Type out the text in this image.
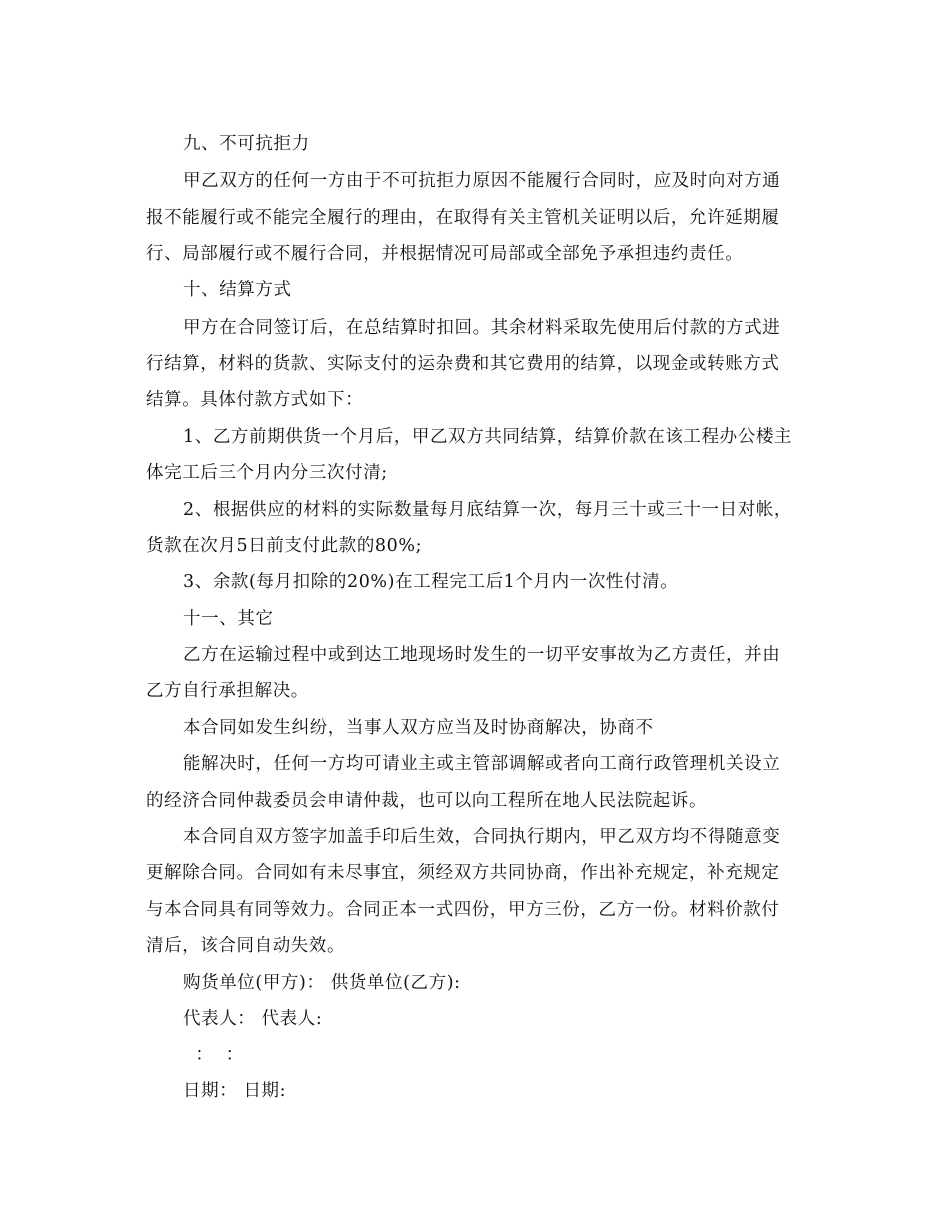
九、不可抗拒力
甲乙双方的任何一方由于不可抗拒力原因不能履行合同时，应及时向对方通
报不能履行或不能完全履行的理由，在取得有关主管机关证明以后，允许延期履
行、局部履行或不履行合同，并根据情况可局部或全部免予承担违约责任。
十、结算方式
甲方在合同签订后，在总结算时扣回。其余材料采取先使用后付款的方式进
行结算，材料的货款、实际支付的运杂费和其它费用的结算，以现金或转账方式
结算。具体付款方式如下：
1、乙方前期供货一个月后，甲乙双方共同结算，结算价款在该工程办公楼主
体完工后三个月内分三次付清;
2、根据供应的材料的实际数量每月底结算一次，每月三十或三十一日对帐，
货款在次月5日前支付此款的80%;
3、余款(每月扣除的20%)在工程完工后1个月内一次性付清。
十一、其它
乙方在运输过程中或到达工地现场时发生的一切平安事故为乙方责任，并由
乙方自行承担解决。
本合同如发生纠纷，当事人双方应当及时协商解决，协商不
能解决时，任何一方均可请业主或主管部调解或者向工商行政管理机关设立
的经济合同仲裁委员会申请仲裁，也可以向工程所在地人民法院起诉。
本合同自双方签字加盖手印后生效，合同执行期内，甲乙双方均不得随意变
更解除合同。合同如有未尽事宜，须经双方共同协商，作出补充规定，补充规定
与本合同具有同等效力。合同正本一式四份，甲方三份，乙方一份。材料价款付
清后，该合同自动失效。
购货单位(甲方)： 供货单位(乙方):
代表人： 代表人:
：  ：
日期： 日期:
